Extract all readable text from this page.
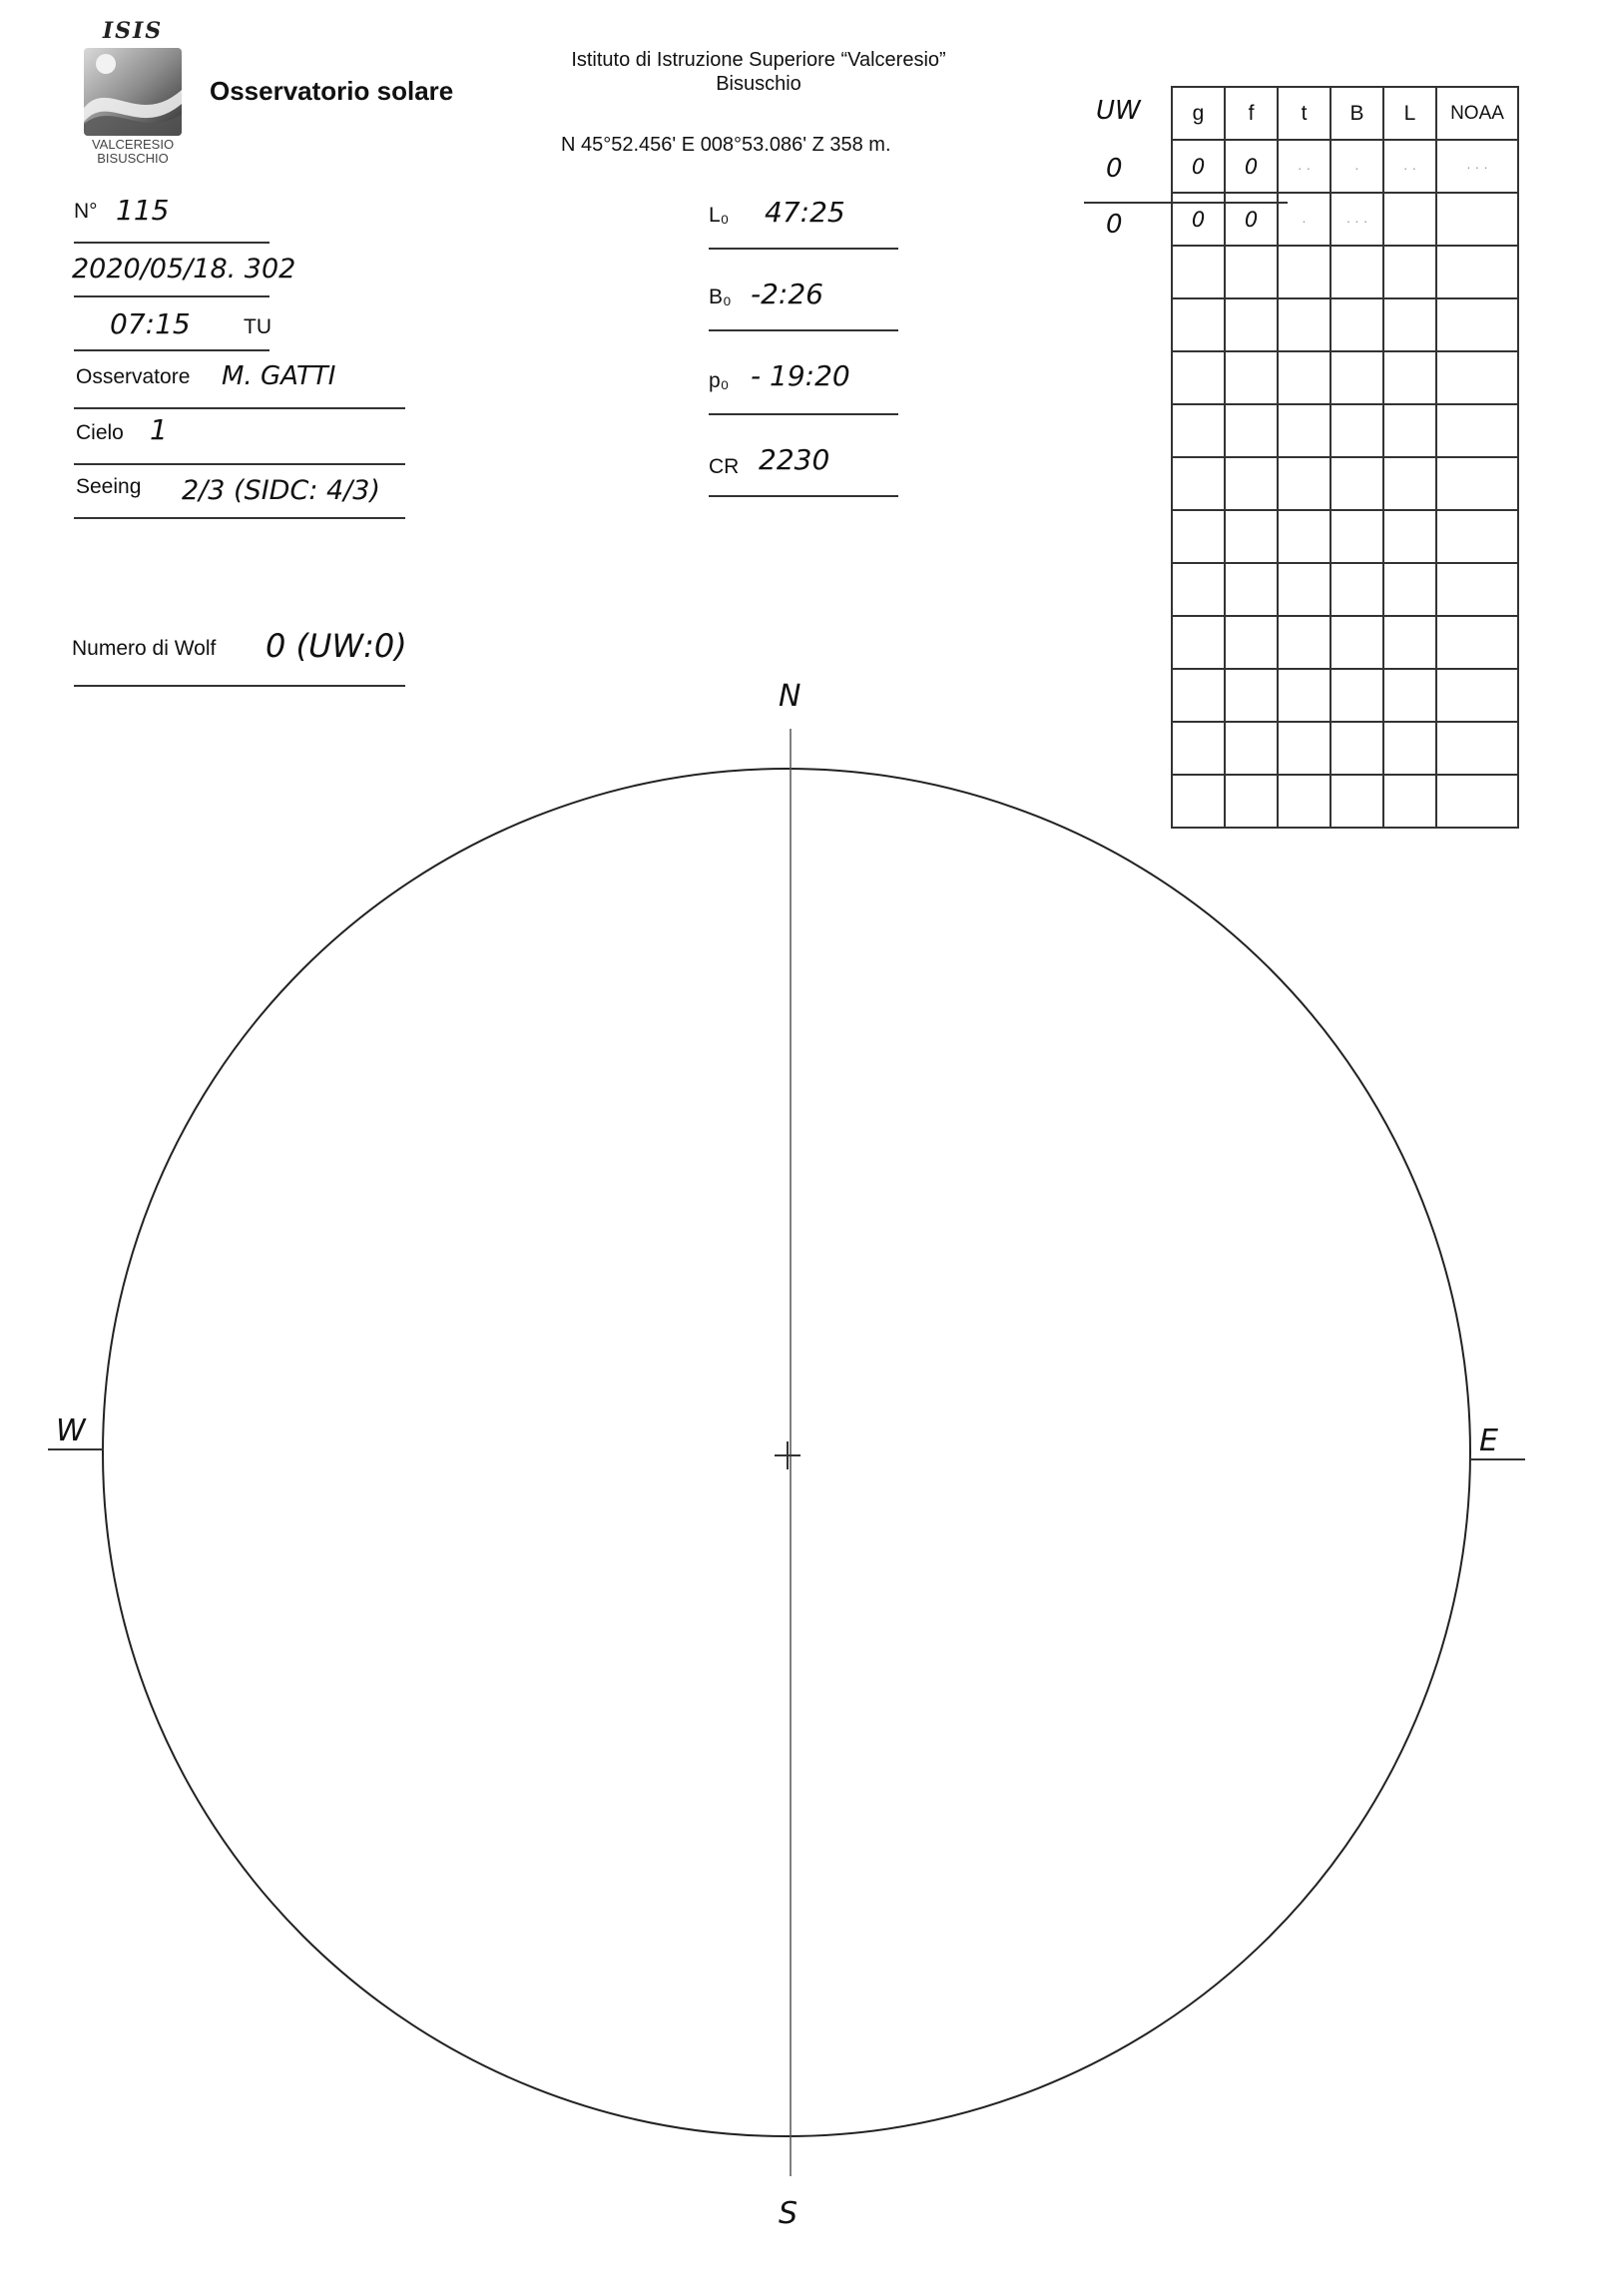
ISIS
VALCERESIO
BISUSCHIO
Osservatorio solare
Istituto di Istruzione Superiore “Valceresio”
Bisuschio
N 45°52.456' E 008°53.086' Z 358 m.
N° 115
2020/05/18. 302
07:15	TU
Osservatore M. GATTI
Cielo 1
Seeing 2/3 (SIDC: 4/3)
Numero di Wolf 0 (UW:0)
L₀ 47:25
B₀ -2:26
p₀ - 19:20
CR 2230
UW
0
0
g	f	t	B	L	NOAA
0	0	· ·	·	· ·	· · ·
0	0	·	· · ·		

N
S
W	E
